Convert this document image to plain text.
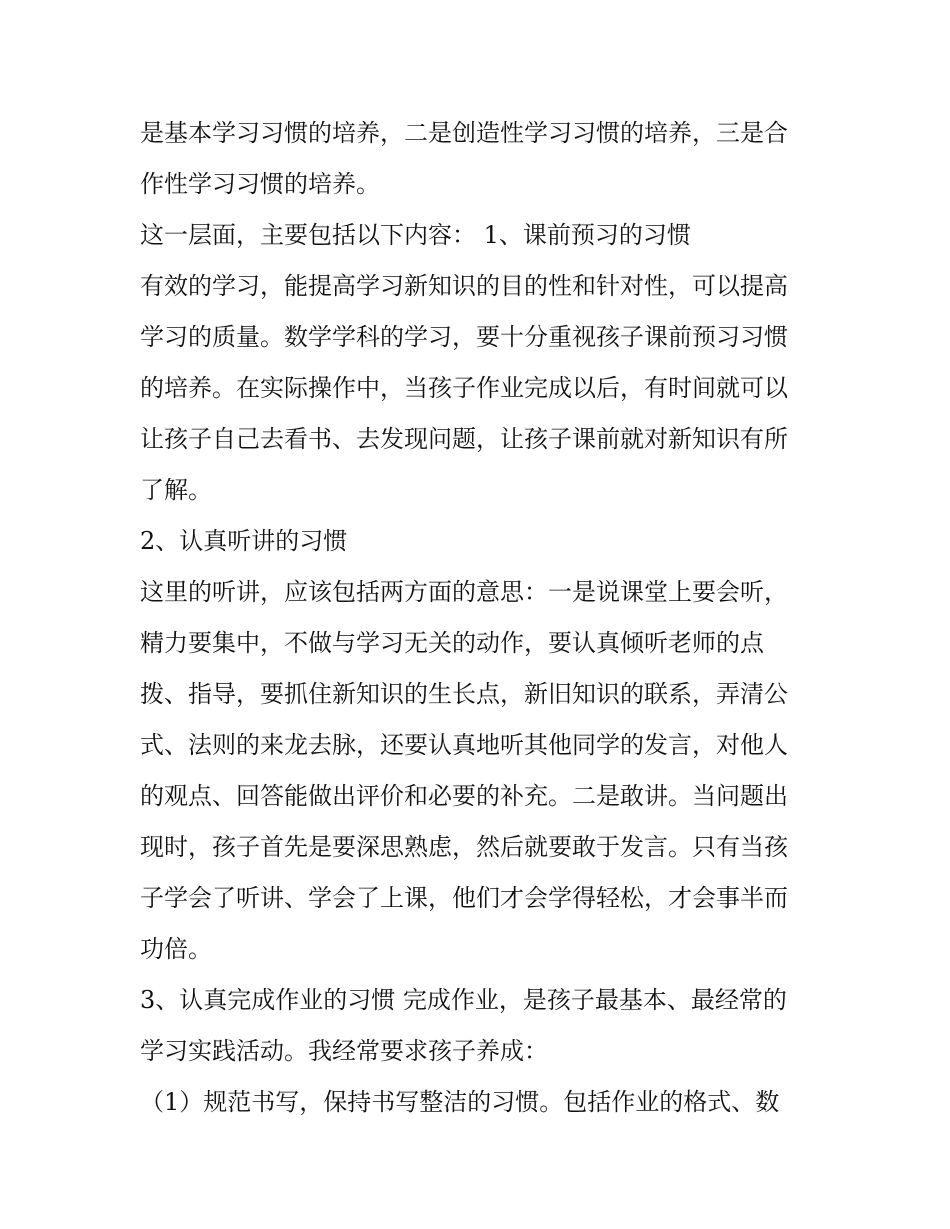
是基本学习习惯的培养，二是创造性学习习惯的培养，三是合
作性学习习惯的培养。
这一层面，主要包括以下内容： 1、课前预习的习惯
有效的学习，能提高学习新知识的目的性和针对性，可以提高
学习的质量。数学学科的学习，要十分重视孩子课前预习习惯
的培养。在实际操作中，当孩子作业完成以后，有时间就可以
让孩子自己去看书、去发现问题，让孩子课前就对新知识有所
了解。
2、认真听讲的习惯
这里的听讲，应该包括两方面的意思：一是说课堂上要会听，
精力要集中，不做与学习无关的动作，要认真倾听老师的点
拨、指导，要抓住新知识的生长点，新旧知识的联系，弄清公
式、法则的来龙去脉，还要认真地听其他同学的发言，对他人
的观点、回答能做出评价和必要的补充。二是敢讲。当问题出
现时，孩子首先是要深思熟虑，然后就要敢于发言。只有当孩
子学会了听讲、学会了上课，他们才会学得轻松，才会事半而
功倍。
3、认真完成作业的习惯 完成作业，是孩子最基本、最经常的
学习实践活动。我经常要求孩子养成：
（1）规范书写，保持书写整洁的习惯。包括作业的格式、数
